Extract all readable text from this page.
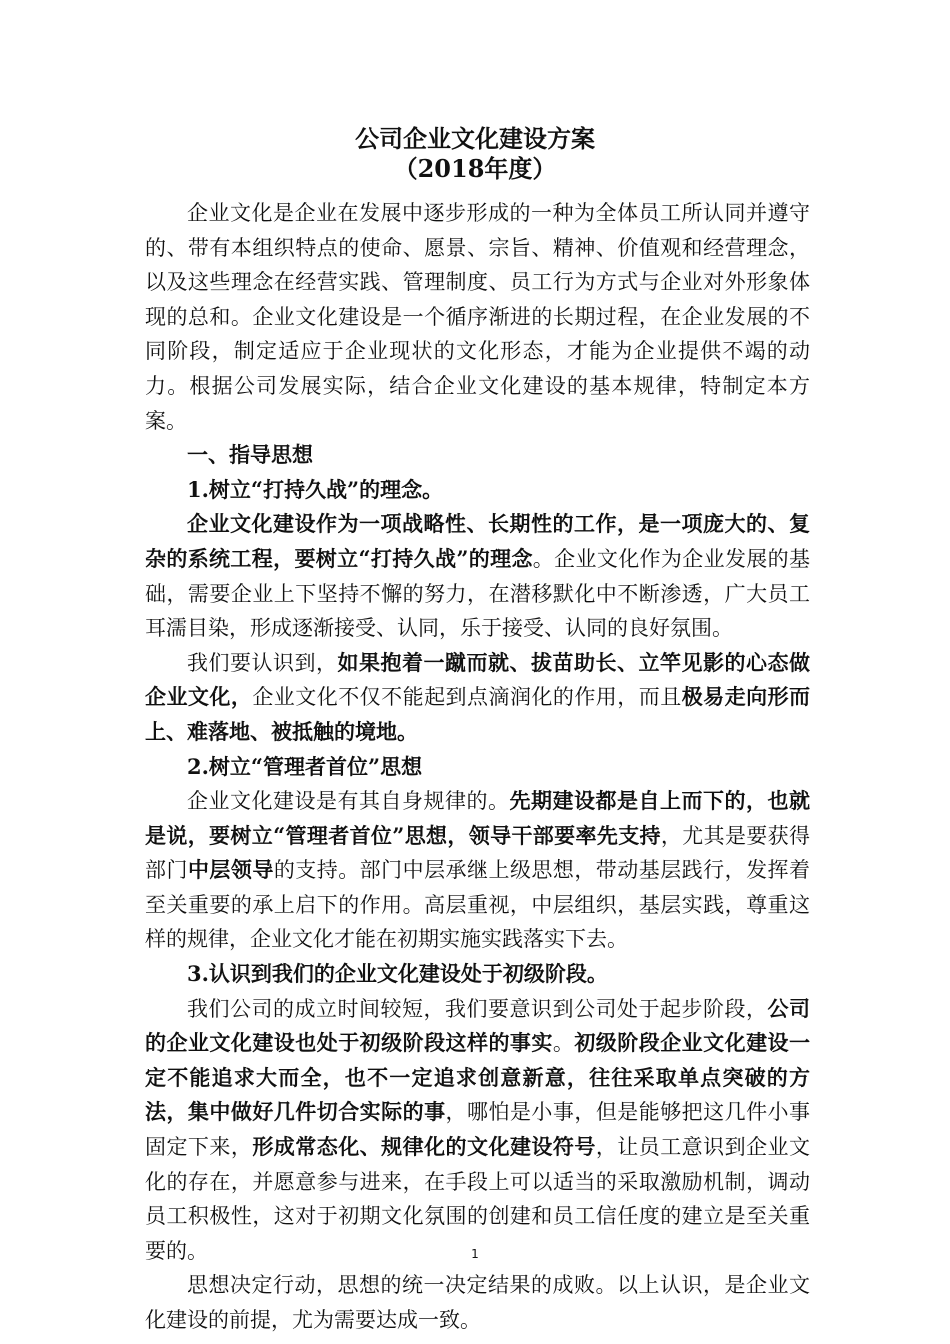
公司企业文化建设方案
（2018年度）

企业文化是企业在发展中逐步形成的一种为全体员工所认同并遵守的、带有本组织特点的使命、愿景、宗旨、精神、价值观和经营理念，以及这些理念在经营实践、管理制度、员工行为方式与企业对外形象体现的总和。企业文化建设是一个循序渐进的长期过程，在企业发展的不同阶段，制定适应于企业现状的文化形态，才能为企业提供不竭的动力。根据公司发展实际，结合企业文化建设的基本规律，特制定本方案。

一、指导思想

1.树立“打持久战”的理念。

企业文化建设作为一项战略性、长期性的工作，是一项庞大的、复杂的系统工程，要树立“打持久战”的理念。企业文化作为企业发展的基础，需要企业上下坚持不懈的努力，在潜移默化中不断渗透，广大员工耳濡目染，形成逐渐接受、认同，乐于接受、认同的良好氛围。

我们要认识到，如果抱着一蹴而就、拔苗助长、立竿见影的心态做企业文化，企业文化不仅不能起到点滴润化的作用，而且极易走向形而上、难落地、被抵触的境地。

2.树立“管理者首位”思想

企业文化建设是有其自身规律的。先期建设都是自上而下的，也就是说，要树立“管理者首位”思想，领导干部要率先支持，尤其是要获得部门中层领导的支持。部门中层承继上级思想，带动基层践行，发挥着至关重要的承上启下的作用。高层重视，中层组织，基层实践，尊重这样的规律，企业文化才能在初期实施实践落实下去。

3.认识到我们的企业文化建设处于初级阶段。

我们公司的成立时间较短，我们要意识到公司处于起步阶段，公司的企业文化建设也处于初级阶段这样的事实。初级阶段企业文化建设一定不能追求大而全，也不一定追求创意新意，往往采取单点突破的方法，集中做好几件切合实际的事，哪怕是小事，但是能够把这几件小事固定下来，形成常态化、规律化的文化建设符号，让员工意识到企业文化的存在，并愿意参与进来，在手段上可以适当的采取激励机制，调动员工积极性，这对于初期文化氛围的创建和员工信任度的建立是至关重要的。

思想决定行动，思想的统一决定结果的成败。以上认识，是企业文化建设的前提，尤为需要达成一致。

1
